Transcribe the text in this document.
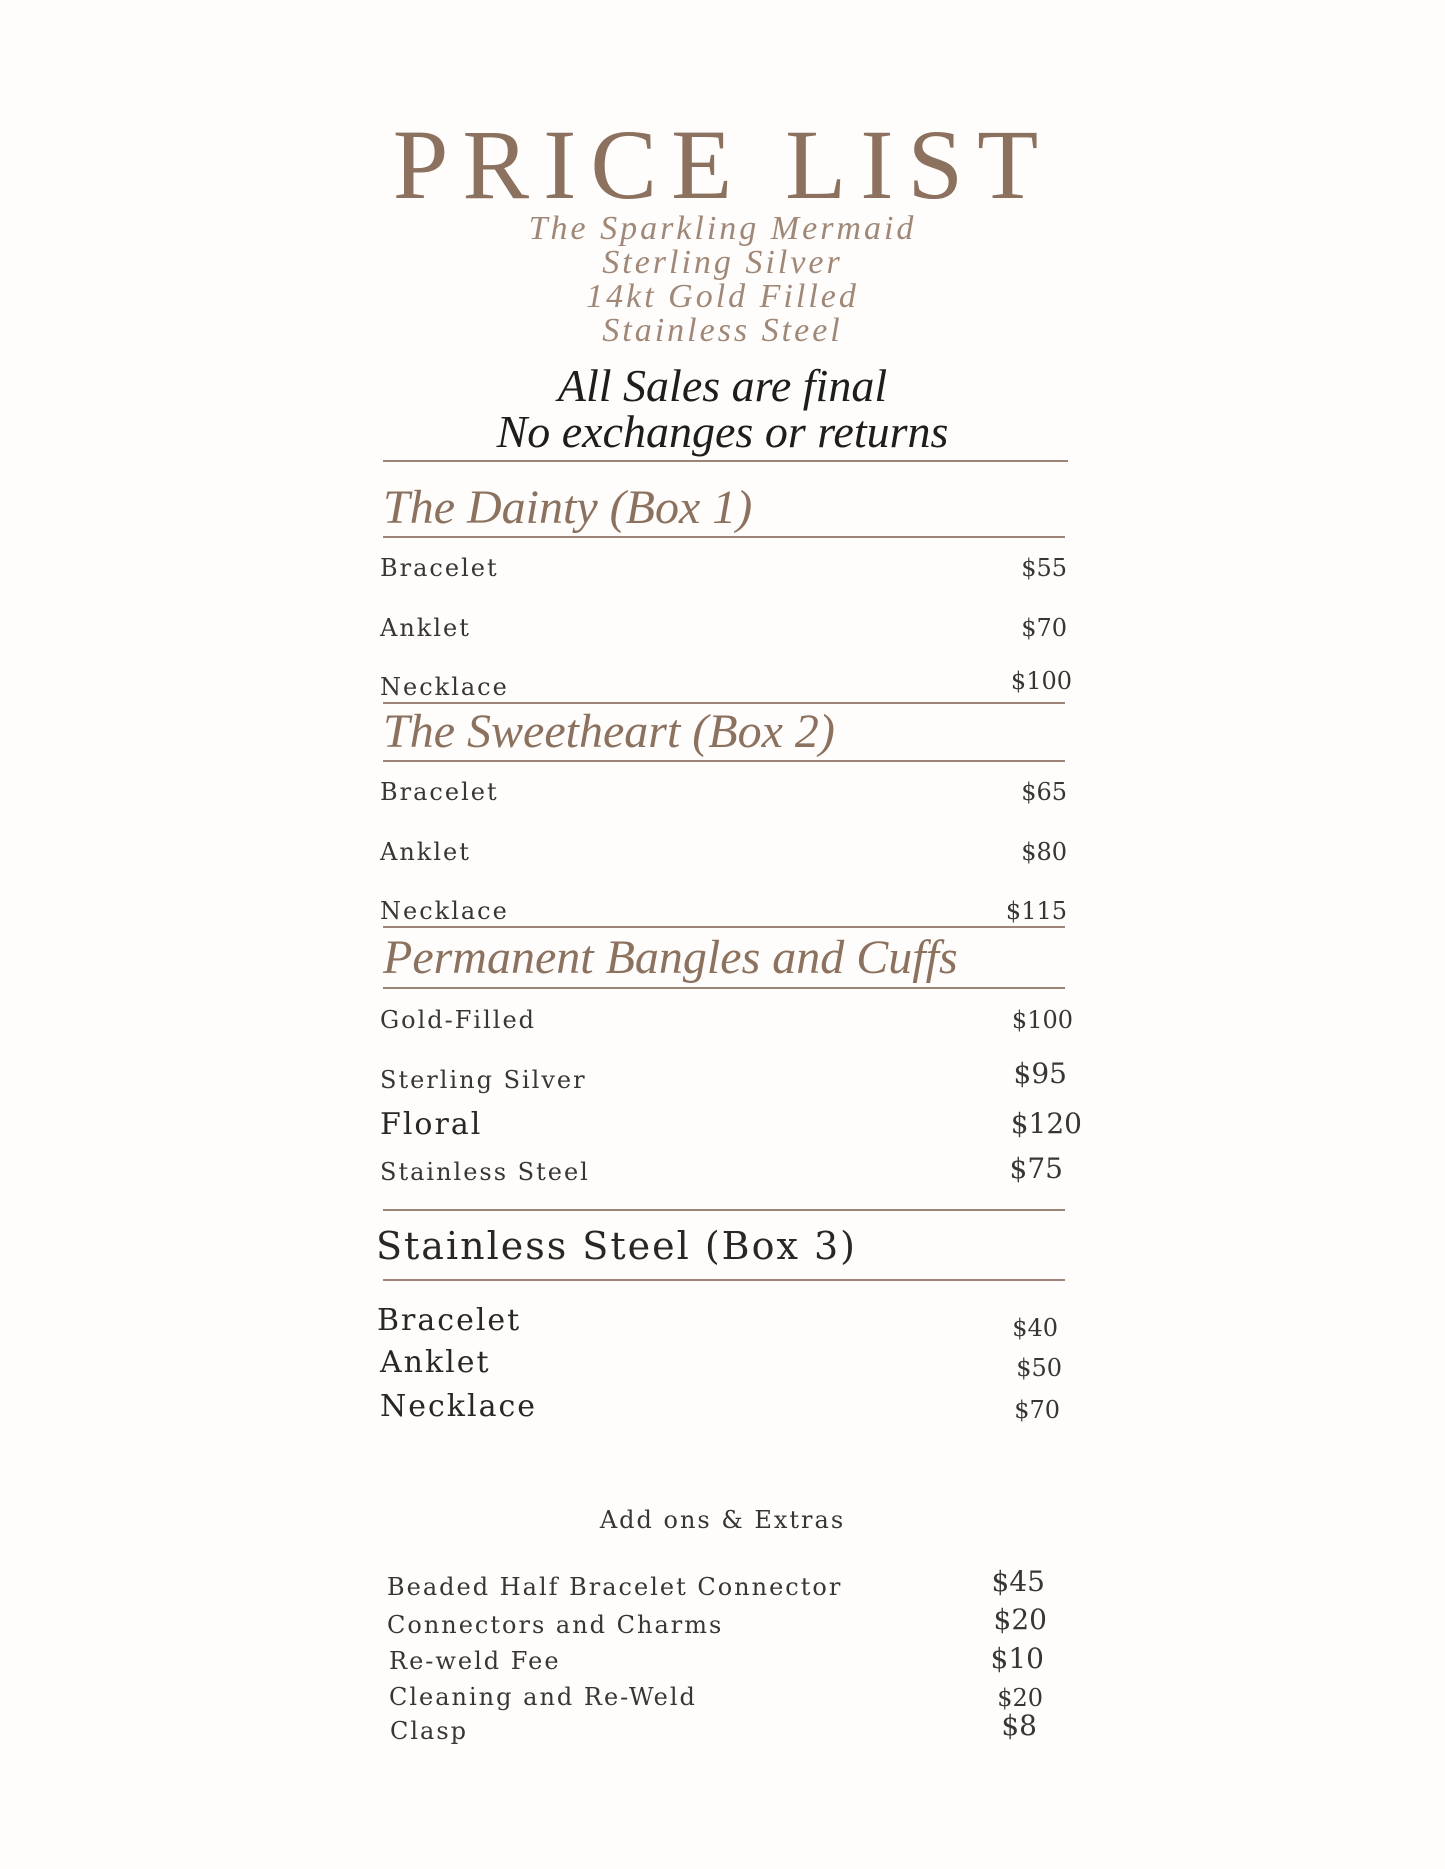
PRICE LIST
The Sparkling Mermaid
Sterling Silver
14kt Gold Filled
Stainless Steel
All Sales are final
No exchanges or returns
The Dainty (Box 1)
Bracelet	$55
Anklet	$70
Necklace	$100
The Sweetheart (Box 2)
Bracelet	$65
Anklet	$80
Necklace	$115
Permanent Bangles and Cuffs
Gold-Filled	$100
Sterling Silver	$95
Floral	$120
Stainless Steel	$75
Stainless Steel (Box 3)
Bracelet	$40
Anklet	$50
Necklace	$70
Add ons & Extras
Beaded Half Bracelet Connector	$45
Connectors and Charms	$20
Re-weld Fee	$10
Cleaning and Re-Weld	$20
Clasp	$8
